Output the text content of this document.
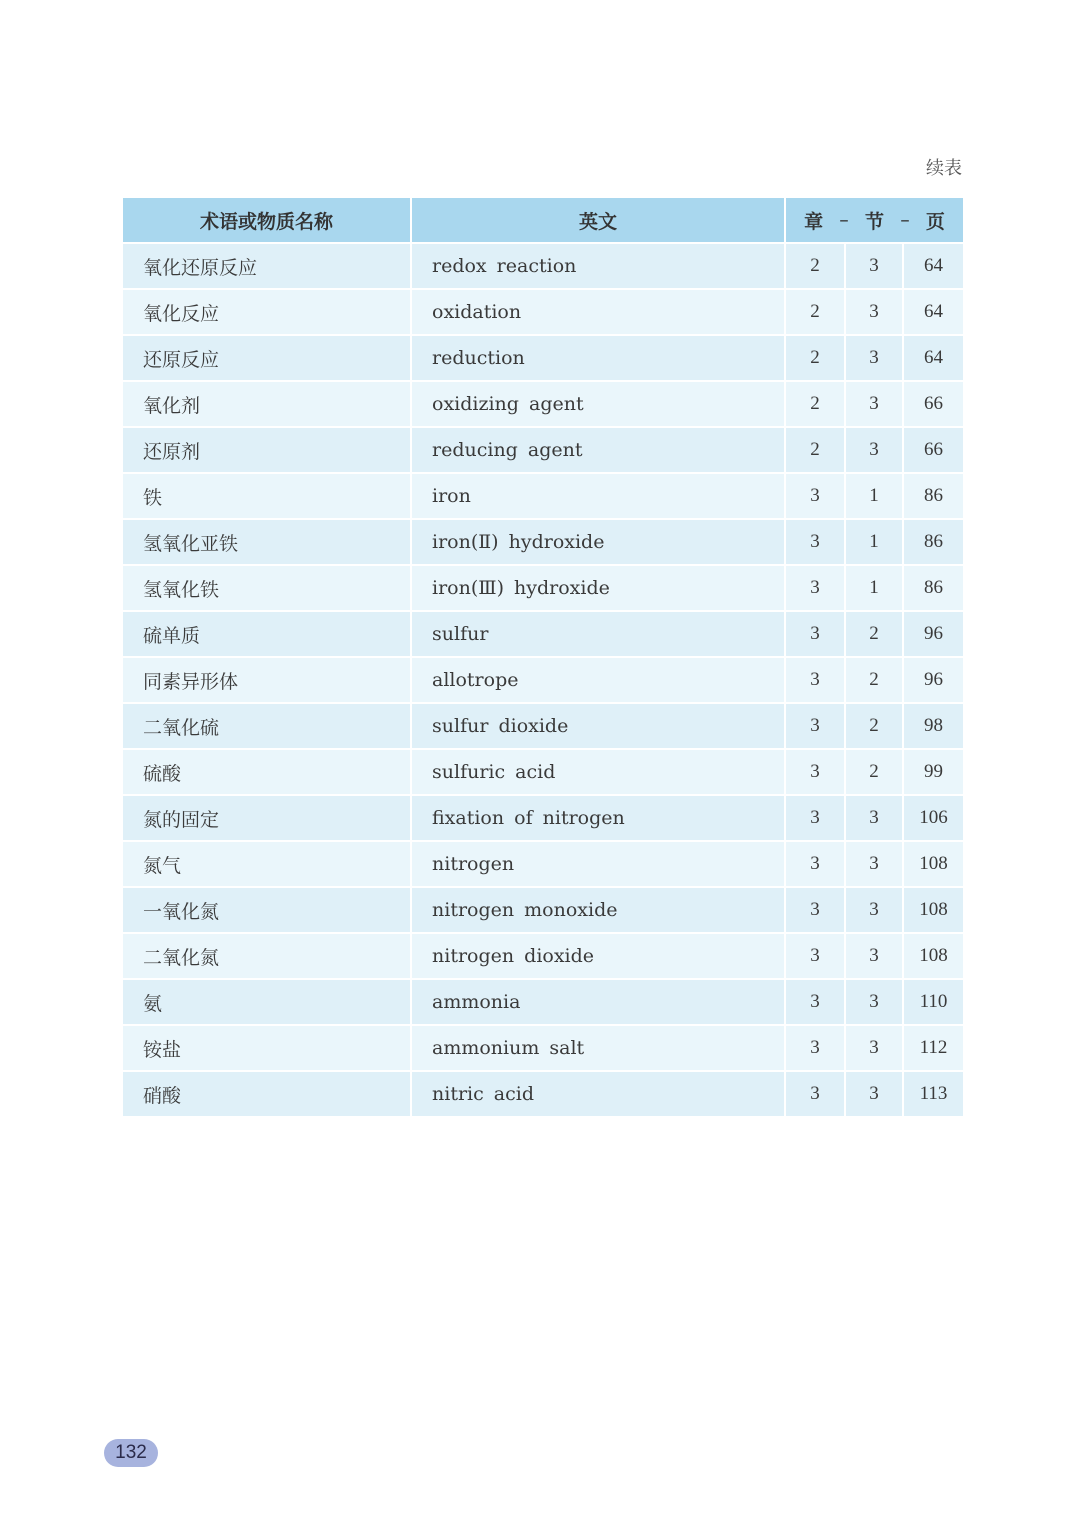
续表
术语或物质名称	英文	章 – 节 – 页		

氧化还原反应	redox reaction	2	3	64
氧化反应	oxidation	2	3	64
还原反应	reduction	2	3	64
氧化剂	oxidizing agent	2	3	66
还原剂	reducing agent	2	3	66
铁	iron	3	1	86
氢氧化亚铁	iron(Ⅱ) hydroxide	3	1	86
氢氧化铁	iron(Ⅲ) hydroxide	3	1	86
硫单质	sulfur	3	2	96
同素异形体	allotrope	3	2	96
二氧化硫	sulfur dioxide	3	2	98
硫酸	sulfuric acid	3	2	99
氮的固定	fixation of nitrogen	3	3	106
氮气	nitrogen	3	3	108
一氧化氮	nitrogen monoxide	3	3	108
二氧化氮	nitrogen dioxide	3	3	108
氨	ammonia	3	3	110
铵盐	ammonium salt	3	3	112
硝酸	nitric acid	3	3	113
132
